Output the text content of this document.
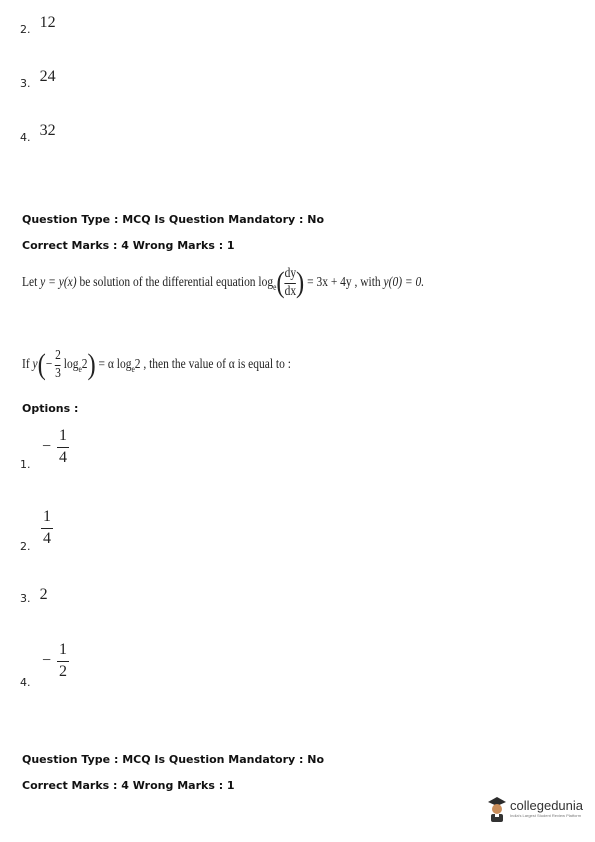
2. 12
3. 24
4. 32
Question Type : MCQ Is Question Mandatory : No
Correct Marks : 4 Wrong Marks : 1
Let y = y(x) be solution of the differential equation $\log_e( \frac{dy}{dx}$ ) = 3x + 4y , with y(0) = 0.
If $y(- \frac{2}{3} \log_e2) = \alpha$ $\log_e2$ , then the value of α is equal to :
Options :
1.
− $\frac{1}{4}$
2. $\frac{1}{4}$
3. 2
4.
− $\frac{1}{2}$
Question Type : MCQ Is Question Mandatory : No
Correct Marks : 4 Wrong Marks : 1
collegedunia
India's Largest Student Review Platform
